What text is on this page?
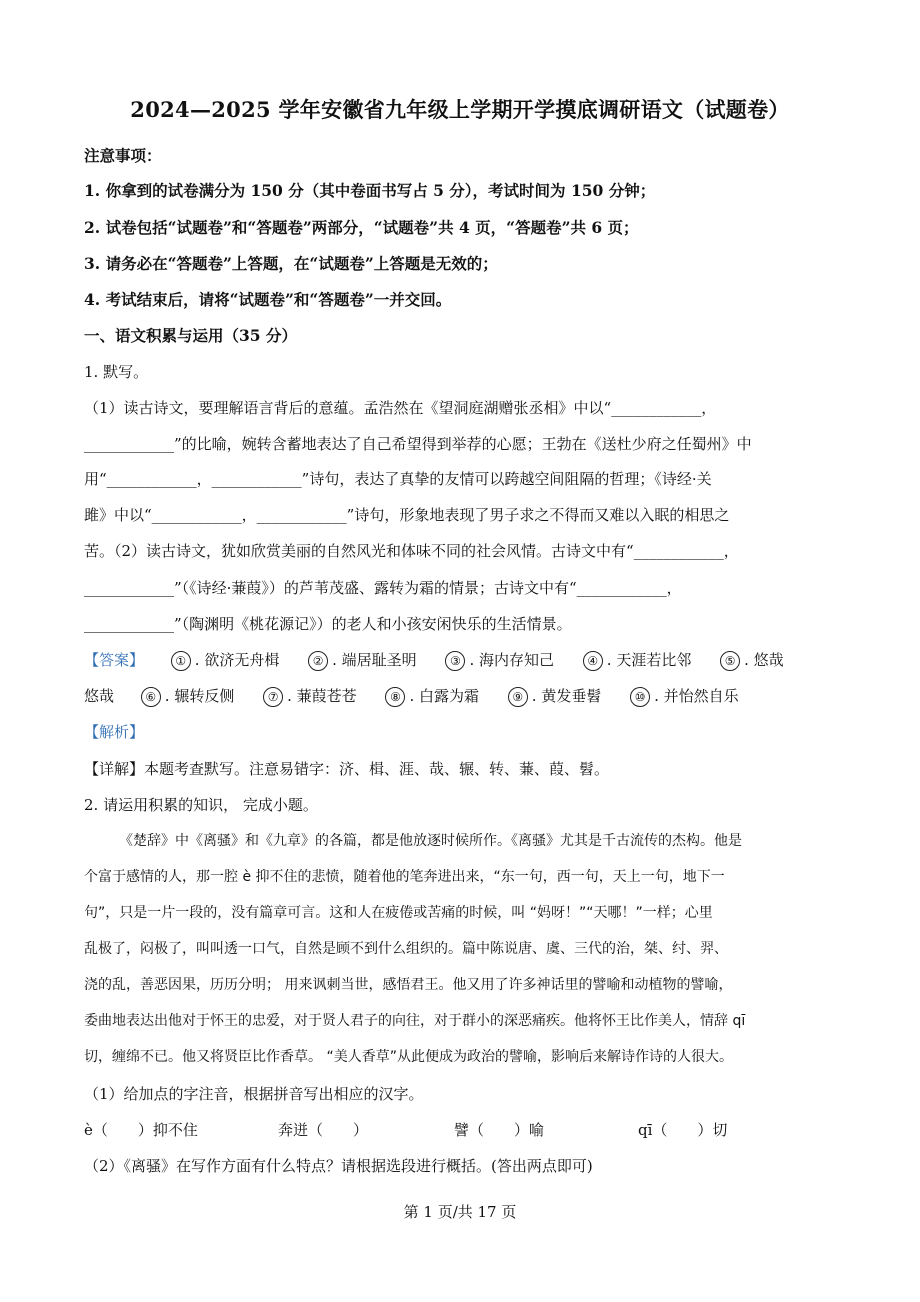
2024—2025 学年安徽省九年级上学期开学摸底调研语文（试题卷）
注意事项：
1. 你拿到的试卷满分为 150 分（其中卷面书写占 5 分），考试时间为 150 分钟；
2. 试卷包括“试题卷”和“答题卷”两部分，“试题卷”共 4 页，“答题卷”共 6 页；
3. 请务必在“答题卷”上答题，在“试题卷”上答题是无效的；
4. 考试结束后，请将“试题卷”和“答题卷”一并交回。
一、语文积累与运用（35 分）
1. 默写。
（1）读古诗文，要理解语言背后的意蕴。孟浩然在《望洞庭湖赠张丞相》中以“____________，
____________”的比喻，婉转含蓄地表达了自己希望得到举荐的心愿；王勃在《送杜少府之任蜀州》中
用“____________，____________”诗句，表达了真挚的友情可以跨越空间阻隔的哲理；《诗经·关
雎》中以“____________，____________”诗句，形象地表现了男子求之不得而又难以入眠的相思之
苦。（2）读古诗文，犹如欣赏美丽的自然风光和体味不同的社会风情。古诗文中有“____________，
____________”（《诗经·蒹葭》）的芦苇茂盛、露转为霜的情景；古诗文中有“____________，
____________”（陶渊明《桃花源记》）的老人和小孩安闲快乐的生活情景。
【答案】	① . 欲济无舟楫	② . 端居耻圣明	③ . 海内存知己	④ . 天涯若比邻	⑤ . 悠哉
悠哉	⑥ . 辗转反侧	⑦ . 蒹葭苍苍	⑧ . 白露为霜	⑨ . 黄发垂髫	⑩ . 并怡然自乐
【解析】
【详解】本题考查默写。注意易错字：济、楫、涯、哉、辗、转、蒹、葭、髫。
2. 请运用积累的知识， 完成小题。
《楚辞》中《离骚》和《九章》的各篇，都是他放逐时候所作。《离骚》尤其是千古流传的杰构。他是
个富于感情的人，那一腔 è 抑不住的悲愤，随着他的笔奔进出来，“东一句，西一句，天上一句，地下一
句”，只是一片一段的，没有篇章可言。这和人在疲倦或苦痛的时候，叫 “妈呀！”“天哪！”一样；心里
乱极了，闷极了，叫叫透一口气，自然是顾不到什么组织的。篇中陈说唐、虞、三代的治，桀、纣、羿、
浇的乱，善恶因果，历历分明； 用来讽刺当世，感悟君王。他又用了许多神话里的譬喻和动植物的譬喻，
委曲地表达出他对于怀王的忠爱，对于贤人君子的向往，对于群小的深恶痛疾。他将怀王比作美人，情辞 qī
切，缠绵不已。他又将贤臣比作香草。 “美人香草”从此便成为政治的譬喻，影响后来解诗作诗的人很大。
（1）给加点的字注音，根据拼音写出相应的汉字。
è（　　）抑不住	奔迸（　　）	譬（　　）喻	qī（　　）切
（2）《离骚》在写作方面有什么特点？请根据选段进行概括。(答出两点即可)
第 1 页/共 17 页
